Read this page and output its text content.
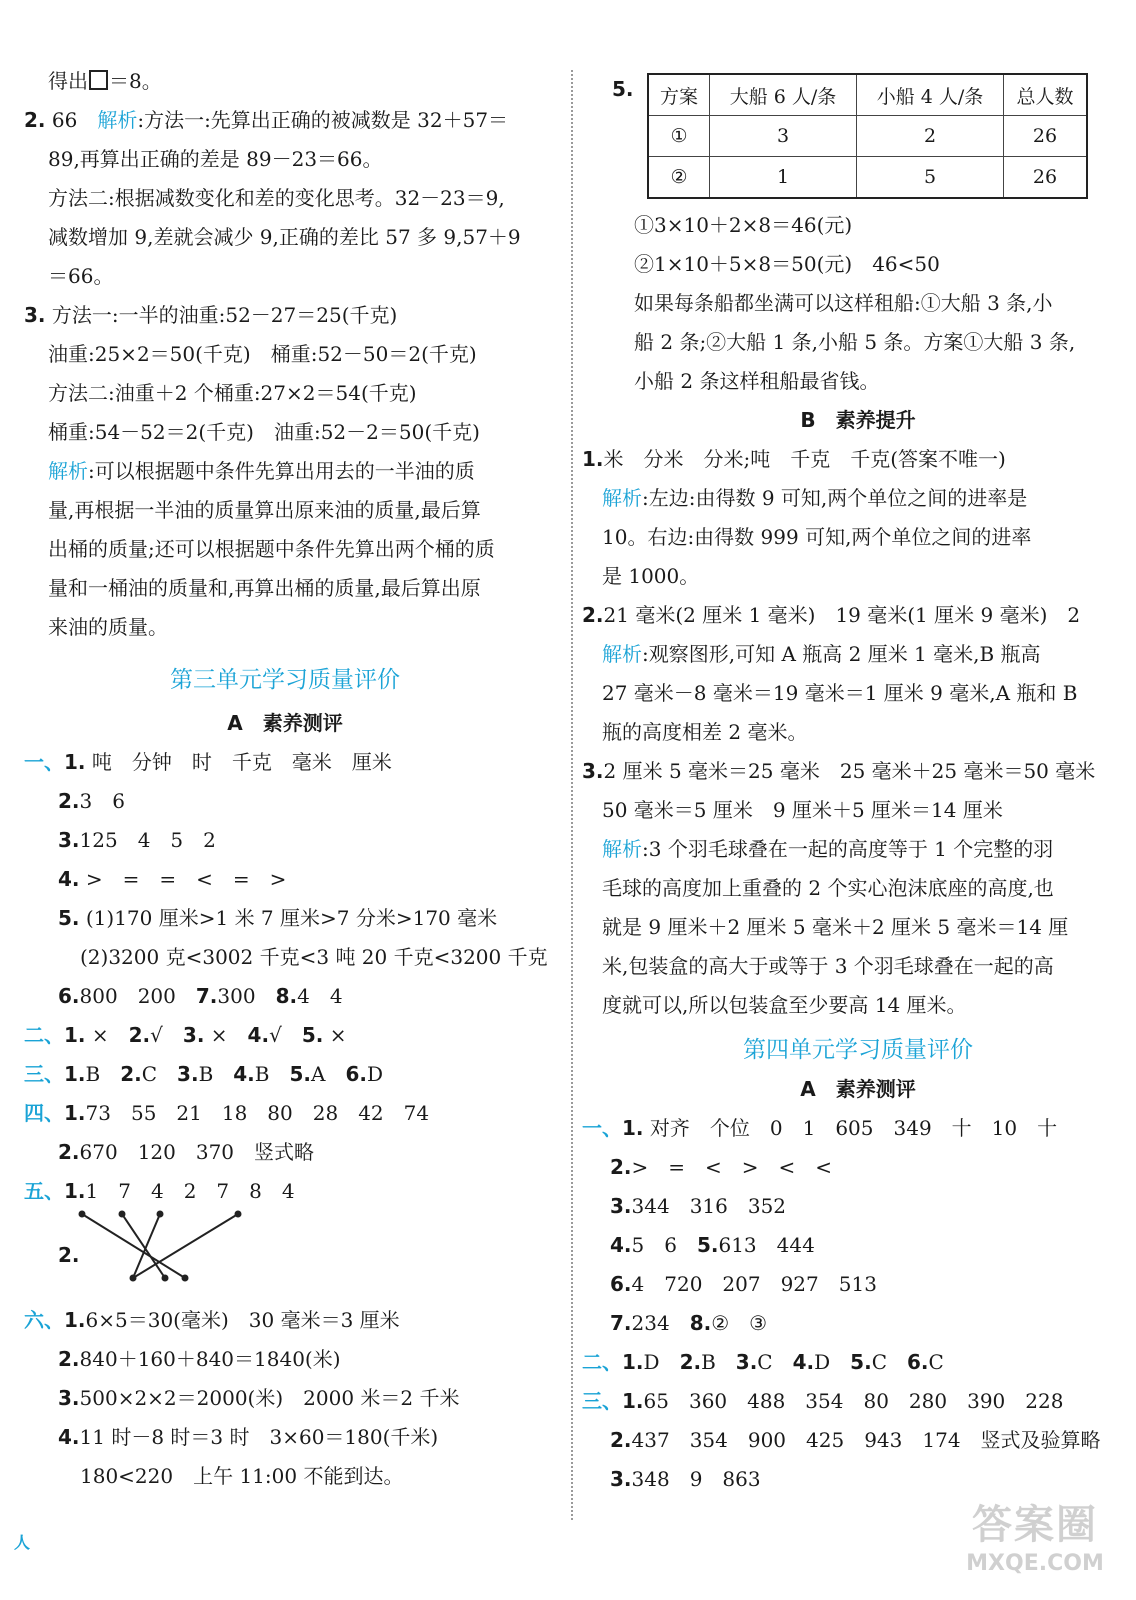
得出 ＝8。
2. 66　 解析:方法一:先算出正确的被减数是 32＋57＝
89,再算出正确的差是 89－23＝66。
方法二:根据减数变化和差的变化思考。32－23＝9,
减数增加 9,差就会减少 9,正确的差比 57 多 9,57＋9
＝66。
3. 方法一:一半的油重:52－27＝25(千克)
油重:25×2＝50(千克)　桶重:52－50＝2(千克)
方法二:油重＋2 个桶重:27×2＝54(千克)
桶重:54－52＝2(千克)　油重:52－2＝50(千克)
解析:可以根据题中条件先算出用去的一半油的质
量,再根据一半油的质量算出原来油的质量,最后算
出桶的质量;还可以根据题中条件先算出两个桶的质
量和一桶油的质量和,再算出桶的质量,最后算出原
来油的质量。
第三单元学习质量评价
A　素养测评
一、1. 吨　分钟　时　千克　毫米　厘米
2.3　6
3.125　4　5　2
4. >　=　=　<　=　>
5. (1)170 厘米>1 米 7 厘米>7 分米>170 毫米
(2)3200 克<3002 千克<3 吨 20 千克<3200 千克
6.800　200　 7.300　 8.4　4
二、1. ×　 2.√　 3. ×　 4.√　 5. ×
三、1.B　 2.C　 3.B　 4.B　 5.A　 6.D
四、1.73　55　21　18　80　28　42　74
2.670　120　370　竖式略
五、1.1　7　4　2　7　8　4
2.
六、1.6×5＝30(毫米)　30 毫米＝3 厘米
2.840＋160＋840＝1840(米)
3.500×2×2＝2000(米)　2000 米＝2 千米
4.11 时－8 时＝3 时　3×60＝180(千米)
180<220　上午 11:00 不能到达。
5. 方案	大船 6 人/条	小船 4 人/条	总人数
①	3	2	26
②	1	5	26
①3×10＋2×8＝46(元)
②1×10＋5×8＝50(元)　46<50
如果每条船都坐满可以这样租船:①大船 3 条,小
船 2 条;②大船 1 条,小船 5 条。方案①大船 3 条,
小船 2 条这样租船最省钱。
B　素养提升
1.米　分米　分米;吨　千克　千克(答案不唯一)
解析:左边:由得数 9 可知,两个单位之间的进率是
10。右边:由得数 999 可知,两个单位之间的进率
是 1000。
2.21 毫米(2 厘米 1 毫米)　19 毫米(1 厘米 9 毫米)　2
解析:观察图形,可知 A 瓶高 2 厘米 1 毫米,B 瓶高
27 毫米－8 毫米＝19 毫米＝1 厘米 9 毫米,A 瓶和 B
瓶的高度相差 2 毫米。
3.2 厘米 5 毫米＝25 毫米　25 毫米＋25 毫米＝50 毫米
50 毫米＝5 厘米　9 厘米＋5 厘米＝14 厘米
解析:3 个羽毛球叠在一起的高度等于 1 个完整的羽
毛球的高度加上重叠的 2 个实心泡沫底座的高度,也
就是 9 厘米＋2 厘米 5 毫米＋2 厘米 5 毫米＝14 厘
米,包装盒的高大于或等于 3 个羽毛球叠在一起的高
度就可以,所以包装盒至少要高 14 厘米。
第四单元学习质量评价
A　素养测评
一、1. 对齐　个位　0　1　605　349　十　10　十
2.>　=　<　>　<　<
3.344　316　352
4.5　6　 5.613　444
6.4　720　207　927　513
7.234　 8.②　③
二、1.D　 2.B　 3.C　 4.D　 5.C　 6.C
三、1.65　360　488　354　80　280　390　228
2.437　354　900　425　943　174　竖式及验算略
3.348　9　863
人	答案圈
MXQE.COM
